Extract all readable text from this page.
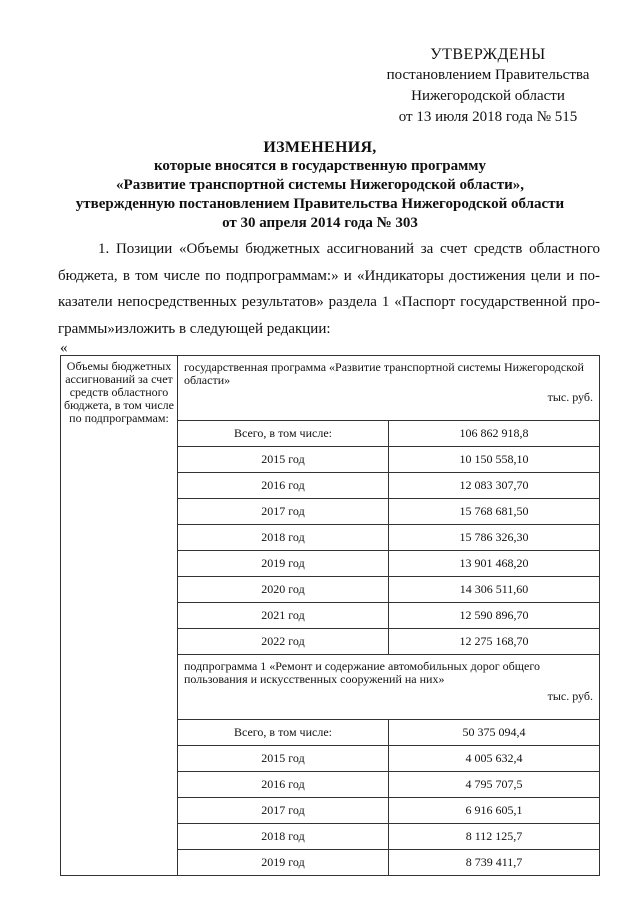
УТВЕРЖДЕНЫ
постановлением Правительства
Нижегородской области
от 13 июля 2018 года № 515
ИЗМЕНЕНИЯ,
которые вносятся в государственную программу
«Развитие транспортной системы Нижегородской области»,
утвержденную постановлением Правительства Нижегородской области
от 30 апреля 2014 года № 303
1. Позиции «Объемы бюджетных ассигнований за счет средств областного
бюджета, в том числе по подпрограммам:» и «Индикаторы достижения цели и по-
казатели непосредственных результатов» раздела 1 «Паспорт государственной про-
граммы»изложить в следующей редакции:
«
Объемы бюджетных ассигнований за счет средств областного бюджета, в том числе по подпрограммам:	государственная программа «Развитие транспортной системы Нижегородской области»
тыс. руб.	

	Всего, в том числе:	106 862 918,8
	2015 год	10 150 558,10
	2016 год	12 083 307,70
	2017 год	15 768 681,50
	2018 год	15 786 326,30
	2019 год	13 901 468,20
	2020 год	14 306 511,60
	2021 год	12 590 896,70
	2022 год	12 275 168,70

	подпрограмма 1 «Ремонт и содержание автомобильных дорог общего пользования и искусственных сооружений на них»
тыс. руб.	

	Всего, в том числе:	50 375 094,4
	2015 год	4 005 632,4
	2016 год	4 795 707,5
	2017 год	6 916 605,1
	2018 год	8 112 125,7
	2019 год	8 739 411,7
